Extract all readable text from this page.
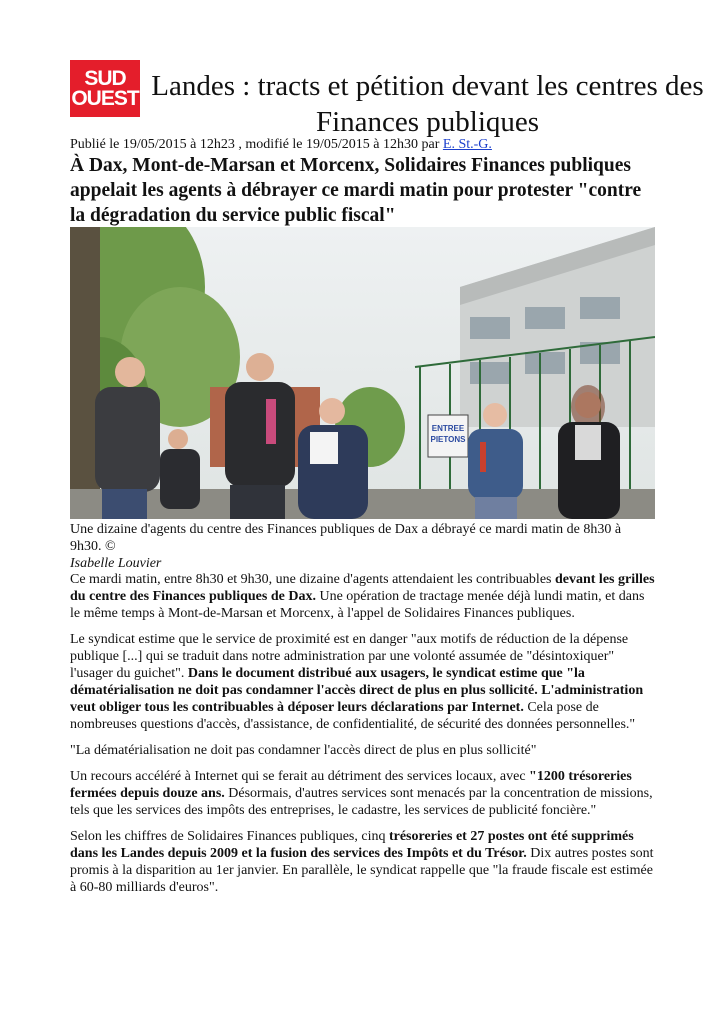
SUD
OUEST Landes : tracts et pétition devant les centres des Finances publiques
Publié le 19/05/2015 à 12h23 , modifié le 19/05/2015 à 12h30 par E. St.-G.

À Dax, Mont-de-Marsan et Morcenx, Solidaires Finances publiques appelait les agents à débrayer ce mardi matin pour protester "contre la dégradation du service public fiscal"

ENTREE
PIETONS
Une dizaine d'agents du centre des Finances publiques de Dax a débrayé ce mardi matin de 8h30 à 9h30. ©
Isabelle Louvier

Ce mardi matin, entre 8h30 et 9h30, une dizaine d'agents attendaient les contribuables devant les grilles du centre des Finances publiques de Dax. Une opération de tractage menée déjà lundi matin, et dans le même temps à Mont-de-Marsan et Morcenx, à l'appel de Solidaires Finances publiques.

Le syndicat estime que le service de proximité est en danger "aux motifs de réduction de la dépense publique [...] qui se traduit dans notre administration par une volonté assumée de "désintoxiquer" l'usager du guichet". Dans le document distribué aux usagers, le syndicat estime que "la dématérialisation ne doit pas condamner l'accès direct de plus en plus sollicité. L'administration veut obliger tous les contribuables à déposer leurs déclarations par Internet. Cela pose de nombreuses questions d'accès, d'assistance, de confidentialité, de sécurité des données personnelles."

"La dématérialisation ne doit pas condamner l'accès direct de plus en plus sollicité"

Un recours accéléré à Internet qui se ferait au détriment des services locaux, avec "1200 trésoreries fermées depuis douze ans. Désormais, d'autres services sont menacés par la concentration de missions, tels que les services des impôts des entreprises, le cadastre, les services de publicité foncière."

Selon les chiffres de Solidaires Finances publiques, cinq trésoreries et 27 postes ont été supprimés dans les Landes depuis 2009 et la fusion des services des Impôts et du Trésor. Dix autres postes sont promis à la disparition au 1er janvier. En parallèle, le syndicat rappelle que "la fraude fiscale est estimée à 60-80 milliards d'euros".
